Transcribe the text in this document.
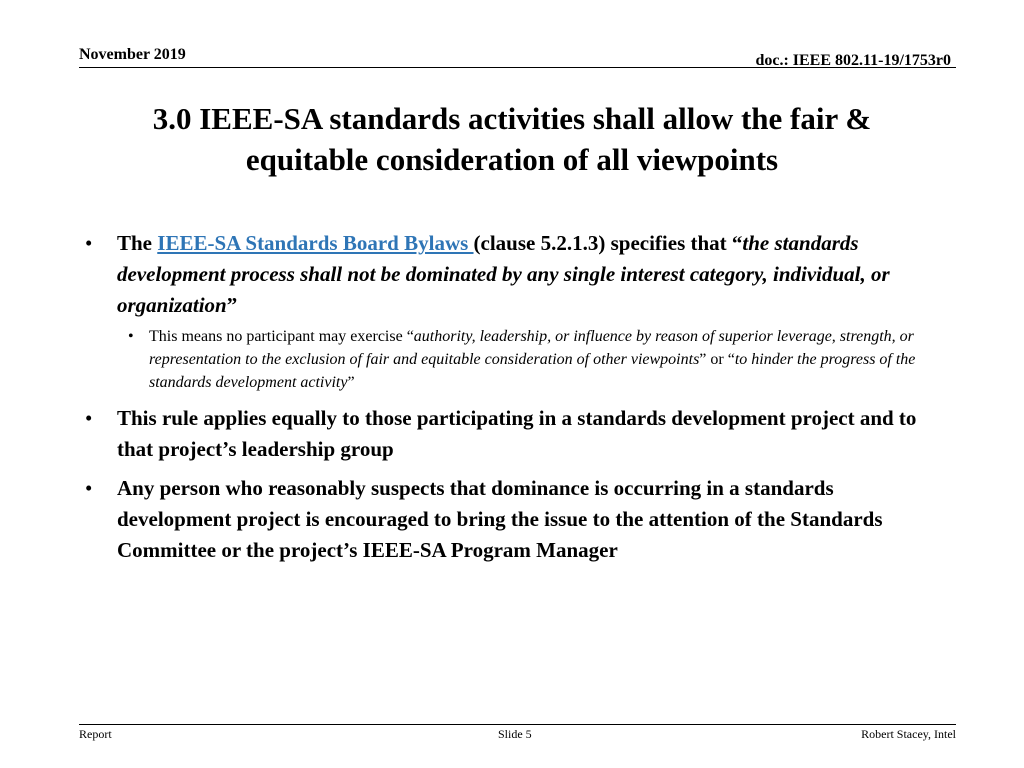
November 2019	doc.: IEEE 802.11-19/1753r0
3.0 IEEE-SA standards activities shall allow the fair &
equitable consideration of all viewpoints
• The IEEE-SA Standards Board Bylaws (clause 5.2.1.3) specifies that “the standards development process shall not be dominated by any single interest category, individual, or organization”
• This means no participant may exercise “authority, leadership, or influence by reason of superior leverage, strength, or representation to the exclusion of fair and equitable consideration of other viewpoints” or “to hinder the progress of the standards development activity”
• This rule applies equally to those participating in a standards development project and to that project’s leadership group
• Any person who reasonably suspects that dominance is occurring in a standards development project is encouraged to bring the issue to the attention of the Standards Committee or the project’s IEEE-SA Program Manager
Report	Slide 5	Robert Stacey, Intel
